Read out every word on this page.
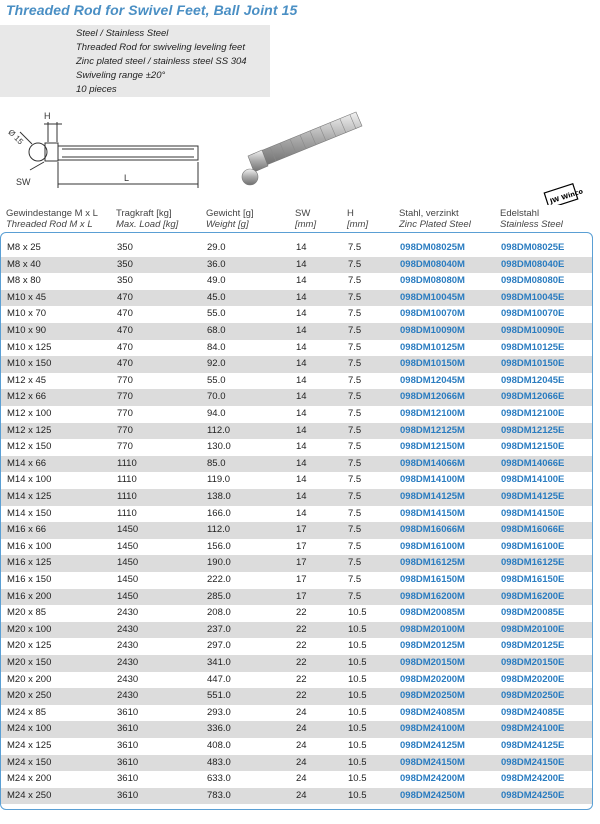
Threaded Rod for Swivel Feet, Ball Joint 15
Steel / Stainless Steel
Threaded Rod for swiveling leveling feet
Zinc plated steel / stainless steel SS 304
Swiveling range ±20°
10 pieces
H
Ø 15
SW	L
JW Winco
Gewindestange M x L
Threaded Rod M x L
Tragkraft [kg]
Max. Load [kg]
Gewicht [g]
Weight [g]
SW
[mm]
H
[mm]
Stahl, verzinkt
Zinc Plated Steel
Edelstahl
Stainless Steel
M8 x 25	350	29.0	14	7.5	098DM08025M	098DM08025E
M8 x 40	350	36.0	14	7.5	098DM08040M	098DM08040E
M8 x 80	350	49.0	14	7.5	098DM08080M	098DM08080E
M10 x 45	470	45.0	14	7.5	098DM10045M	098DM10045E
M10 x 70	470	55.0	14	7.5	098DM10070M	098DM10070E
M10 x 90	470	68.0	14	7.5	098DM10090M	098DM10090E
M10 x 125	470	84.0	14	7.5	098DM10125M	098DM10125E
M10 x 150	470	92.0	14	7.5	098DM10150M	098DM10150E
M12 x 45	770	55.0	14	7.5	098DM12045M	098DM12045E
M12 x 66	770	70.0	14	7.5	098DM12066M	098DM12066E
M12 x 100	770	94.0	14	7.5	098DM12100M	098DM12100E
M12 x 125	770	112.0	14	7.5	098DM12125M	098DM12125E
M12 x 150	770	130.0	14	7.5	098DM12150M	098DM12150E
M14 x 66	1110	85.0	14	7.5	098DM14066M	098DM14066E
M14 x 100	1110	119.0	14	7.5	098DM14100M	098DM14100E
M14 x 125	1110	138.0	14	7.5	098DM14125M	098DM14125E
M14 x 150	1110	166.0	14	7.5	098DM14150M	098DM14150E
M16 x 66	1450	112.0	17	7.5	098DM16066M	098DM16066E
M16 x 100	1450	156.0	17	7.5	098DM16100M	098DM16100E
M16 x 125	1450	190.0	17	7.5	098DM16125M	098DM16125E
M16 x 150	1450	222.0	17	7.5	098DM16150M	098DM16150E
M16 x 200	1450	285.0	17	7.5	098DM16200M	098DM16200E
M20 x 85	2430	208.0	22	10.5	098DM20085M	098DM20085E
M20 x 100	2430	237.0	22	10.5	098DM20100M	098DM20100E
M20 x 125	2430	297.0	22	10.5	098DM20125M	098DM20125E
M20 x 150	2430	341.0	22	10.5	098DM20150M	098DM20150E
M20 x 200	2430	447.0	22	10.5	098DM20200M	098DM20200E
M20 x 250	2430	551.0	22	10.5	098DM20250M	098DM20250E
M24 x 85	3610	293.0	24	10.5	098DM24085M	098DM24085E
M24 x 100	3610	336.0	24	10.5	098DM24100M	098DM24100E
M24 x 125	3610	408.0	24	10.5	098DM24125M	098DM24125E
M24 x 150	3610	483.0	24	10.5	098DM24150M	098DM24150E
M24 x 200	3610	633.0	24	10.5	098DM24200M	098DM24200E
M24 x 250	3610	783.0	24	10.5	098DM24250M	098DM24250E
